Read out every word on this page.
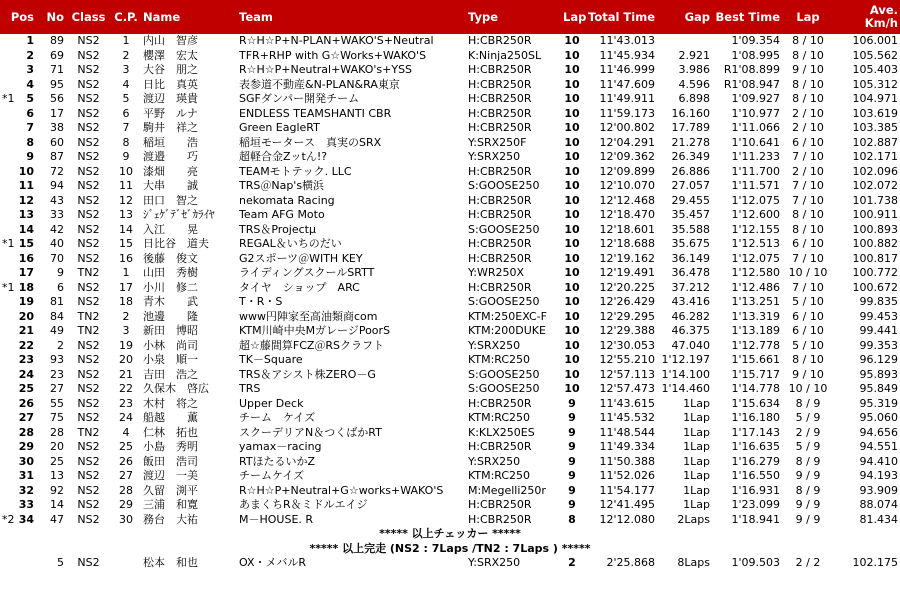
Pos	No	Class	C.P.	Name	Team	Type	Lap	Total Time	Gap	Best Time	Lap	Ave.
Km/h

1	89	NS2	1	内山　智彦	R☆H☆P+N-PLAN+WAKO'S+Neutral	H:CBR250R	10	11'43.013		1'09.354	8 / 10	106.001

2	69	NS2	2	櫻澤　宏太	TFR+RHP with G☆Works+WAKO'S	K:Ninja250SL	10	11'45.934	2.921	1'08.995	8 / 10	105.562

3	71	NS2	3	大谷　朋之	R☆H☆P+Neutral+WAKO's+YSS	H:CBR250R	10	11'46.999	3.986	R1'08.899	9 / 10	105.403

4	95	NS2	4	日比　真英	表参道不動産&N-PLAN&RA東京	H:CBR250R	10	11'47.609	4.596	R1'08.947	8 / 10	105.312

*1 5	56	NS2	5	渡辺　瑛貴	SGFダンパー開発チーム	H:CBR250R	10	11'49.911	6.898	1'09.927	8 / 10	104.971

6	17	NS2	6	平野　ルナ	ENDLESS TEAMSHANTI CBR	H:CBR250R	10	11'59.173	16.160	1'10.977	2 / 10	103.619

7	38	NS2	7	駒井　祥之	Green EagleRT	H:CBR250R	10	12'00.802	17.789	1'11.066	2 / 10	103.385

8	60	NS2	8	稲垣　　浩	稲垣モータース　真実のSRX	Y:SRX250F	10	12'04.291	21.278	1'10.641	6 / 10	102.887

9	87	NS2	9	渡邉　　巧	超軽合金Zッtん!?	Y:SRX250	10	12'09.362	26.349	1'11.233	7 / 10	102.171

10	72	NS2	10	漆畑　　亮	TEAMモトテック. LLC	H:CBR250R	10	12'09.899	26.886	1'11.700	2 / 10	102.096

11	94	NS2	11	大串　　誠	TRS＠Nap's横浜	S:GOOSE250	10	12'10.070	27.057	1'11.571	7 / 10	102.072

12	43	NS2	12	田口　智之	nekomata Racing	H:CBR250R	10	12'12.468	29.455	1'12.075	7 / 10	101.738

13	33	NS2	13	ｼﾞｪｹﾞﾃﾞｾﾞｶﾗｲﾔ	Team AFG Moto	H:CBR250R	10	12'18.470	35.457	1'12.600	8 / 10	100.911

14	42	NS2	14	入江　　晃	TRS＆Projectμ	S:GOOSE250	10	12'18.601	35.588	1'12.155	8 / 10	100.893

*1 15	40	NS2	15	日比谷　道夫	REGAL＆いちのだい	H:CBR250R	10	12'18.688	35.675	1'12.513	6 / 10	100.882

16	70	NS2	16	後藤　俊文	G2スポーツ＠WITH KEY	H:CBR250R	10	12'19.162	36.149	1'12.075	7 / 10	100.817

17	9	TN2	1	山田　秀樹	ライディングスクールSRTT	Y:WR250X	10	12'19.491	36.478	1'12.580	10 / 10	100.772

*1 18	6	NS2	17	小川　修二	タイヤ　ショップ　ARC	H:CBR250R	10	12'20.225	37.212	1'12.486	7 / 10	100.672

19	81	NS2	18	青木　　武	T・R・S	S:GOOSE250	10	12'26.429	43.416	1'13.251	5 / 10	99.835

20	84	TN2	2	池邊　　隆	www円陣家至高油類商com	KTM:250EXC-F	10	12'29.295	46.282	1'13.319	6 / 10	99.453

21	49	TN2	3	新田　博昭	KTM川崎中央MガレージPoorS	KTM:200DUKE	10	12'29.388	46.375	1'13.189	6 / 10	99.441

22	2	NS2	19	小林　尚司	超☆藤間算FCZ＠RSクラフト	Y:SRX250	10	12'30.053	47.040	1'12.778	5 / 10	99.353

23	93	NS2	20	小泉　順一	TK－Square	KTM:RC250	10	12'55.210	1'12.197	1'15.661	8 / 10	96.129

24	23	NS2	21	吉田　浩之	TRS＆アシスト株ZERO－G	S:GOOSE250	10	12'57.113	1'14.100	1'15.717	9 / 10	95.893

25	27	NS2	22	久保木　啓広	TRS	S:GOOSE250	10	12'57.473	1'14.460	1'14.778	10 / 10	95.849

26	55	NS2	23	木村　将之	Upper Deck	H:CBR250R	9	11'43.615	1Lap	1'15.634	8 / 9	95.319

27	75	NS2	24	船越　　薫	チーム　ケイズ	KTM:RC250	9	11'45.532	1Lap	1'16.180	5 / 9	95.060

28	28	TN2	4	仁林　拓也	スクーデリアN＆つくばかRT	K:KLX250ES	9	11'48.544	1Lap	1'17.143	2 / 9	94.656

29	20	NS2	25	小島　秀明	yamax－racing	H:CBR250R	9	11'49.334	1Lap	1'16.635	5 / 9	94.551

30	25	NS2	26	飯田　浩司	RTほたるいかZ	Y:SRX250	9	11'50.388	1Lap	1'16.279	8 / 9	94.410

31	13	NS2	27	渡辺　一美	チームケイズ	KTM:RC250	9	11'52.026	1Lap	1'16.550	9 / 9	94.193

32	92	NS2	28	久留　渕平	R☆H☆P+Neutral+G☆works+WAKO'S	M:Megelli250r	9	11'54.177	1Lap	1'16.931	8 / 9	93.909

33	14	NS2	29	三浦　和寛	あまくちR＆ミドルエイジ	H:CBR250R	9	12'41.495	1Lap	1'23.099	9 / 9	88.074

*2 34	47	NS2	30	務台　大祐	M－HOUSE. R	H:CBR250R	8	12'12.080	2Laps	1'18.941	9 / 9	81.434
***** 以上チェッカー *****												
***** 以上完走 (NS2 : 7Laps /TN2 : 7Laps ) *****												

	5	NS2		松本　和也	OX・メバルR	Y:SRX250	2	2'25.868	8Laps	1'09.503	2 / 2	102.175
